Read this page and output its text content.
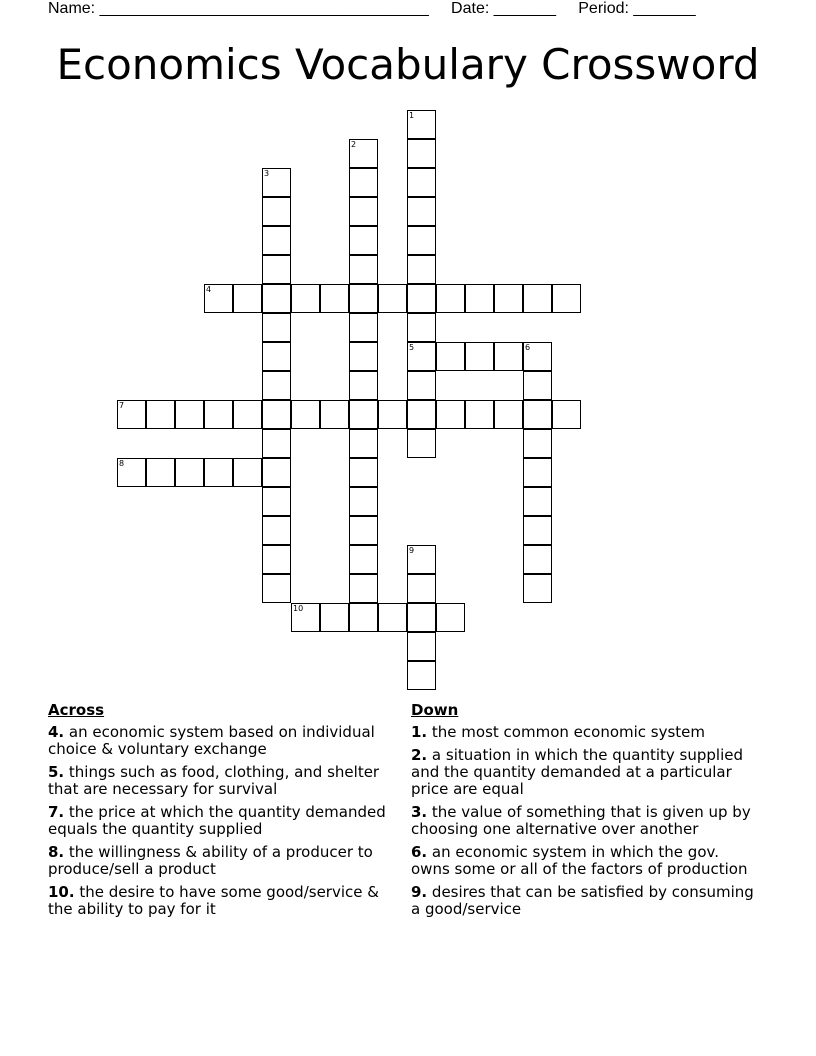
Name: _____________________________________     Date: _______     Period: _______
Economics Vocabulary Crossword
1
2
3
4
5	6
7
8
9
10
Across
4. an economic system based on individual choice & voluntary exchange
5. things such as food, clothing, and shelter that are necessary for survival
7. the price at which the quantity demanded equals the quantity supplied
8. the willingness & ability of a producer to produce/sell a product
10. the desire to have some good/service & the ability to pay for it
Down
1. the most common economic system
2. a situation in which the quantity supplied and the quantity demanded at a particular price are equal
3. the value of something that is given up by choosing one alternative over another
6. an economic system in which the gov. owns some or all of the factors of production
9. desires that can be satisfied by consuming a good/service
